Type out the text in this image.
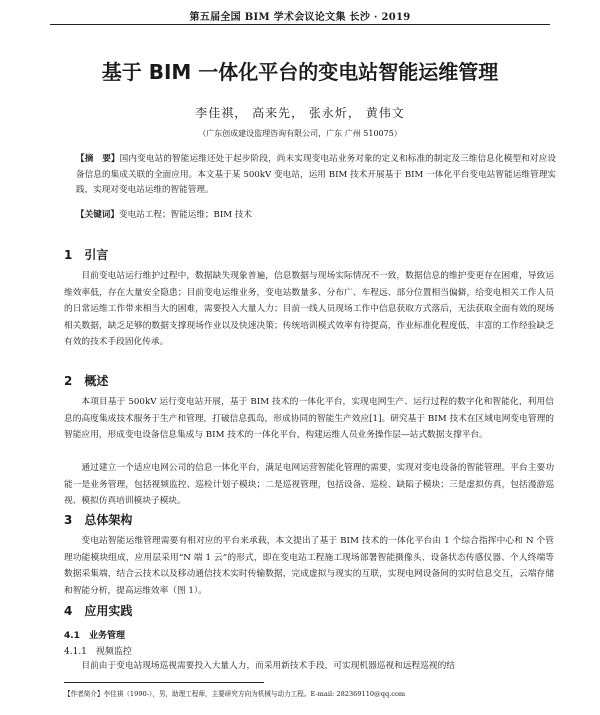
第五届全国 BIM 学术会议论文集 长沙 · 2019
基于 BIM 一体化平台的变电站智能运维管理
李佳祺， 高来先， 张永炘， 黄伟文
（广东创成建设监理咨询有限公司，广东 广州 510075）
【摘　要】国内变电站的智能运维还处于起步阶段，尚未实现变电站业务对象的定义和标准的制定及三维信息化模型和对应设备信息的集成关联的全面应用。本文基于某 500kV 变电站，运用 BIM 技术开展基于 BIM 一体化平台变电站智能运维管理实践，实现对变电站运维的智能管理。
【关键词】变电站工程；智能运维；BIM 技术
1　引言
目前变电站运行维护过程中，数据缺失现象普遍，信息数据与现场实际情况不一致，数据信息的维护变更存在困难，导致运维效率低，存在大量安全隐患；目前变电运维业务，变电站数量多、分布广、车程远、部分位置相当偏僻，给变电相关工作人员的日常运维工作带来相当大的困难，需要投入大量人力；目前一线人员现场工作中信息获取方式落后，无法获取全面有效的现场相关数据，缺乏足够的数据支撑现场作业以及快速决策；传统培训模式效率有待提高，作业标准化程度低，丰富的工作经验缺乏有效的技术手段固化传承。
2　概述
本项目基于 500kV 运行变电站开展，基于 BIM 技术的一体化平台，实现电网生产、运行过程的数字化和智能化，利用信息的高度集成技术服务于生产和管理，打破信息孤岛，形成协同的智能生产效应[1]。研究基于 BIM 技术在区域电网变电管理的智能应用，形成变电设备信息集成与 BIM 技术的一体化平台，构建运维人员业务操作层—站式数据支撑平台。
通过建立一个适应电网公司的信息一体化平台，满足电网运营智能化管理的需要，实现对变电设备的智能管理。平台主要功能一是业务管理，包括视频监控、巡检计划子模块；二是巡视管理，包括设备、巡检、缺陷子模块；三是虚拟仿真，包括漫游巡视、模拟仿真培训模块子模块。
3　总体架构
变电站智能运维管理需要有相对应的平台来承载，本文提出了基于 BIM 技术的一体化平台由 1 个综合指挥中心和 N 个管理功能模块组成，应用层采用“N 端 1 云”的形式，即在变电站工程施工现场部署智能摄像头、设备状态传感仪器、个人终端等数据采集端，结合云技术以及移动通信技术实时传输数据，完成虚拟与现实的互联，实现电网设备间的实时信息交互，云端存储和智能分析，提高运维效率（图 1）。
4　应用实践
4.1　业务管理
4.1.1　视频监控
目前由于变电站现场巡视需要投入大量人力，而采用新技术手段，可实现机器巡视和远程巡视的结
【作者简介】李佳祺（1990-），男，助理工程师，主要研究方向为机械与动力工程。E-mail: 282369110@qq.com
